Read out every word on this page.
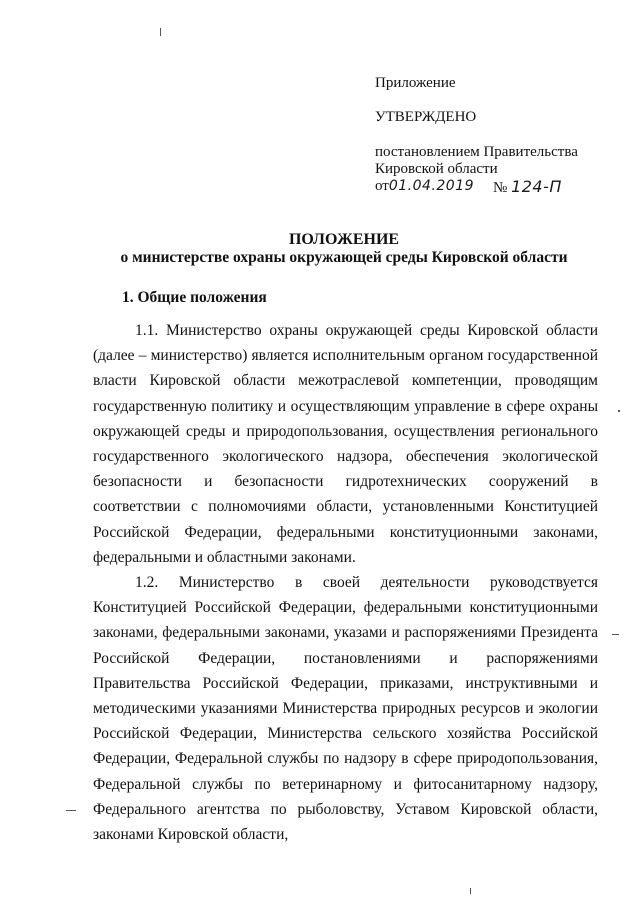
Приложение
УТВЕРЖДЕНО
постановлением Правительства
Кировской области
от01.04.2019 № 124-П
ПОЛОЖЕНИЕ
о министерстве охраны окружающей среды Кировской области
1. Общие положения

1.1. Министерство охраны окружающей среды Кировской области (далее – министерство) является исполнительным органом государственной власти Кировской области межотраслевой компетенции, проводящим государственную политику и осуществляющим управление в сфере охраны окружающей среды и природопользования, осуществления регионального государственного экологического надзора, обеспечения экологической безопасности и безопасности гидротехнических сооружений в соответствии с полномочиями области, установленными Конституцией Российской Федерации, федеральными конституционными законами, федеральными и областными законами.

1.2. Министерство в своей деятельности руководствуется Конституцией Российской Федерации, федеральными конституционными законами, федеральными законами, указами и распоряжениями Президента Российской Федерации, постановлениями и распоряжениями Правительства Российской Федерации, приказами, инструктивными и методическими указаниями Министерства природных ресурсов и экологии Российской Федерации, Министерства сельского хозяйства Российской Федерации, Федеральной службы по надзору в сфере природопользования, Федеральной службы по ветеринарному и фитосанитарному надзору, Федерального агентства по рыболовству, Уставом Кировской области, законами Кировской области,
